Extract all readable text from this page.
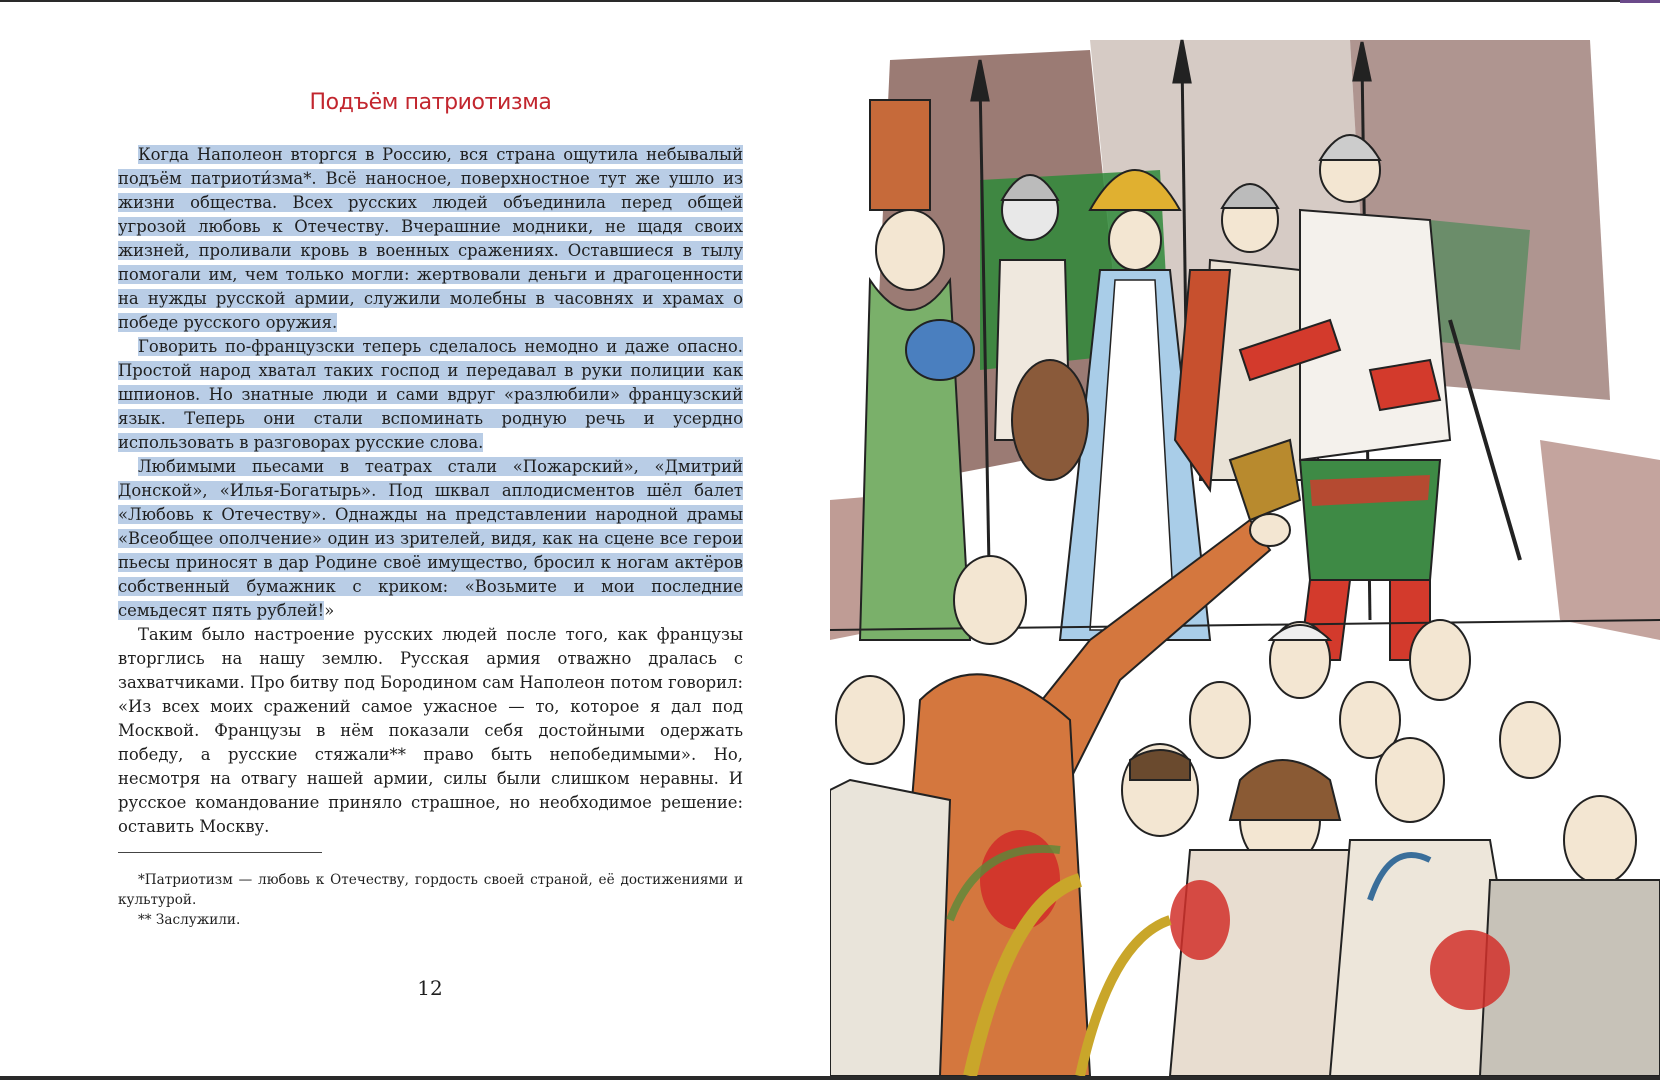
Подъём патриотизма

Когда Наполеон вторгся в Россию, вся страна ощутила небывалый подъём патриоти́зма*. Всё наносное, поверхностное тут же ушло из жизни общества. Всех русских людей объединила перед общей угрозой любовь к Отечеству. Вчерашние модники, не щадя своих жизней, проливали кровь в военных сражениях. Оставшиеся в тылу помогали им, чем только могли: жертвовали деньги и драгоценности на нужды русской армии, служили молебны в часовнях и храмах о победе русского оружия.

Говорить по-французски теперь сделалось немодно и даже опасно. Простой народ хватал таких господ и передавал в руки полиции как шпионов. Но знатные люди и сами вдруг «разлюбили» французский язык. Теперь они стали вспоминать родную речь и усердно использовать в разговорах русские слова.

Любимыми пьесами в театрах стали «Пожарский», «Дмитрий Донской», «Илья-Богатырь». Под шквал аплодисментов шёл балет «Любовь к Отечеству». Однажды на представлении народной драмы «Всеобщее ополчение» один из зрителей, видя, как на сцене все герои пьесы приносят в дар Родине своё имущество, бросил к ногам актёров собственный бумажник с криком: «Возьмите и мои последние семьдесят пять рублей!»

Таким было настроение русских людей после того, как французы вторглись на нашу землю. Русская армия отважно дралась с захватчиками. Про битву под Бородином сам Наполеон потом говорил: «Из всех моих сражений самое ужасное — то, которое я дал под Москвой. Французы в нём показали себя достойными одержать победу, а русские стяжали** право быть непобедимыми». Но, несмотря на отвагу нашей армии, силы были слишком неравны. И русское командование приняло страшное, но необходимое решение: оставить Москву.

*Патриотизм — любовь к Отечеству, гордость своей страной, её достижениями и культурой.

** Заслужили.

12
